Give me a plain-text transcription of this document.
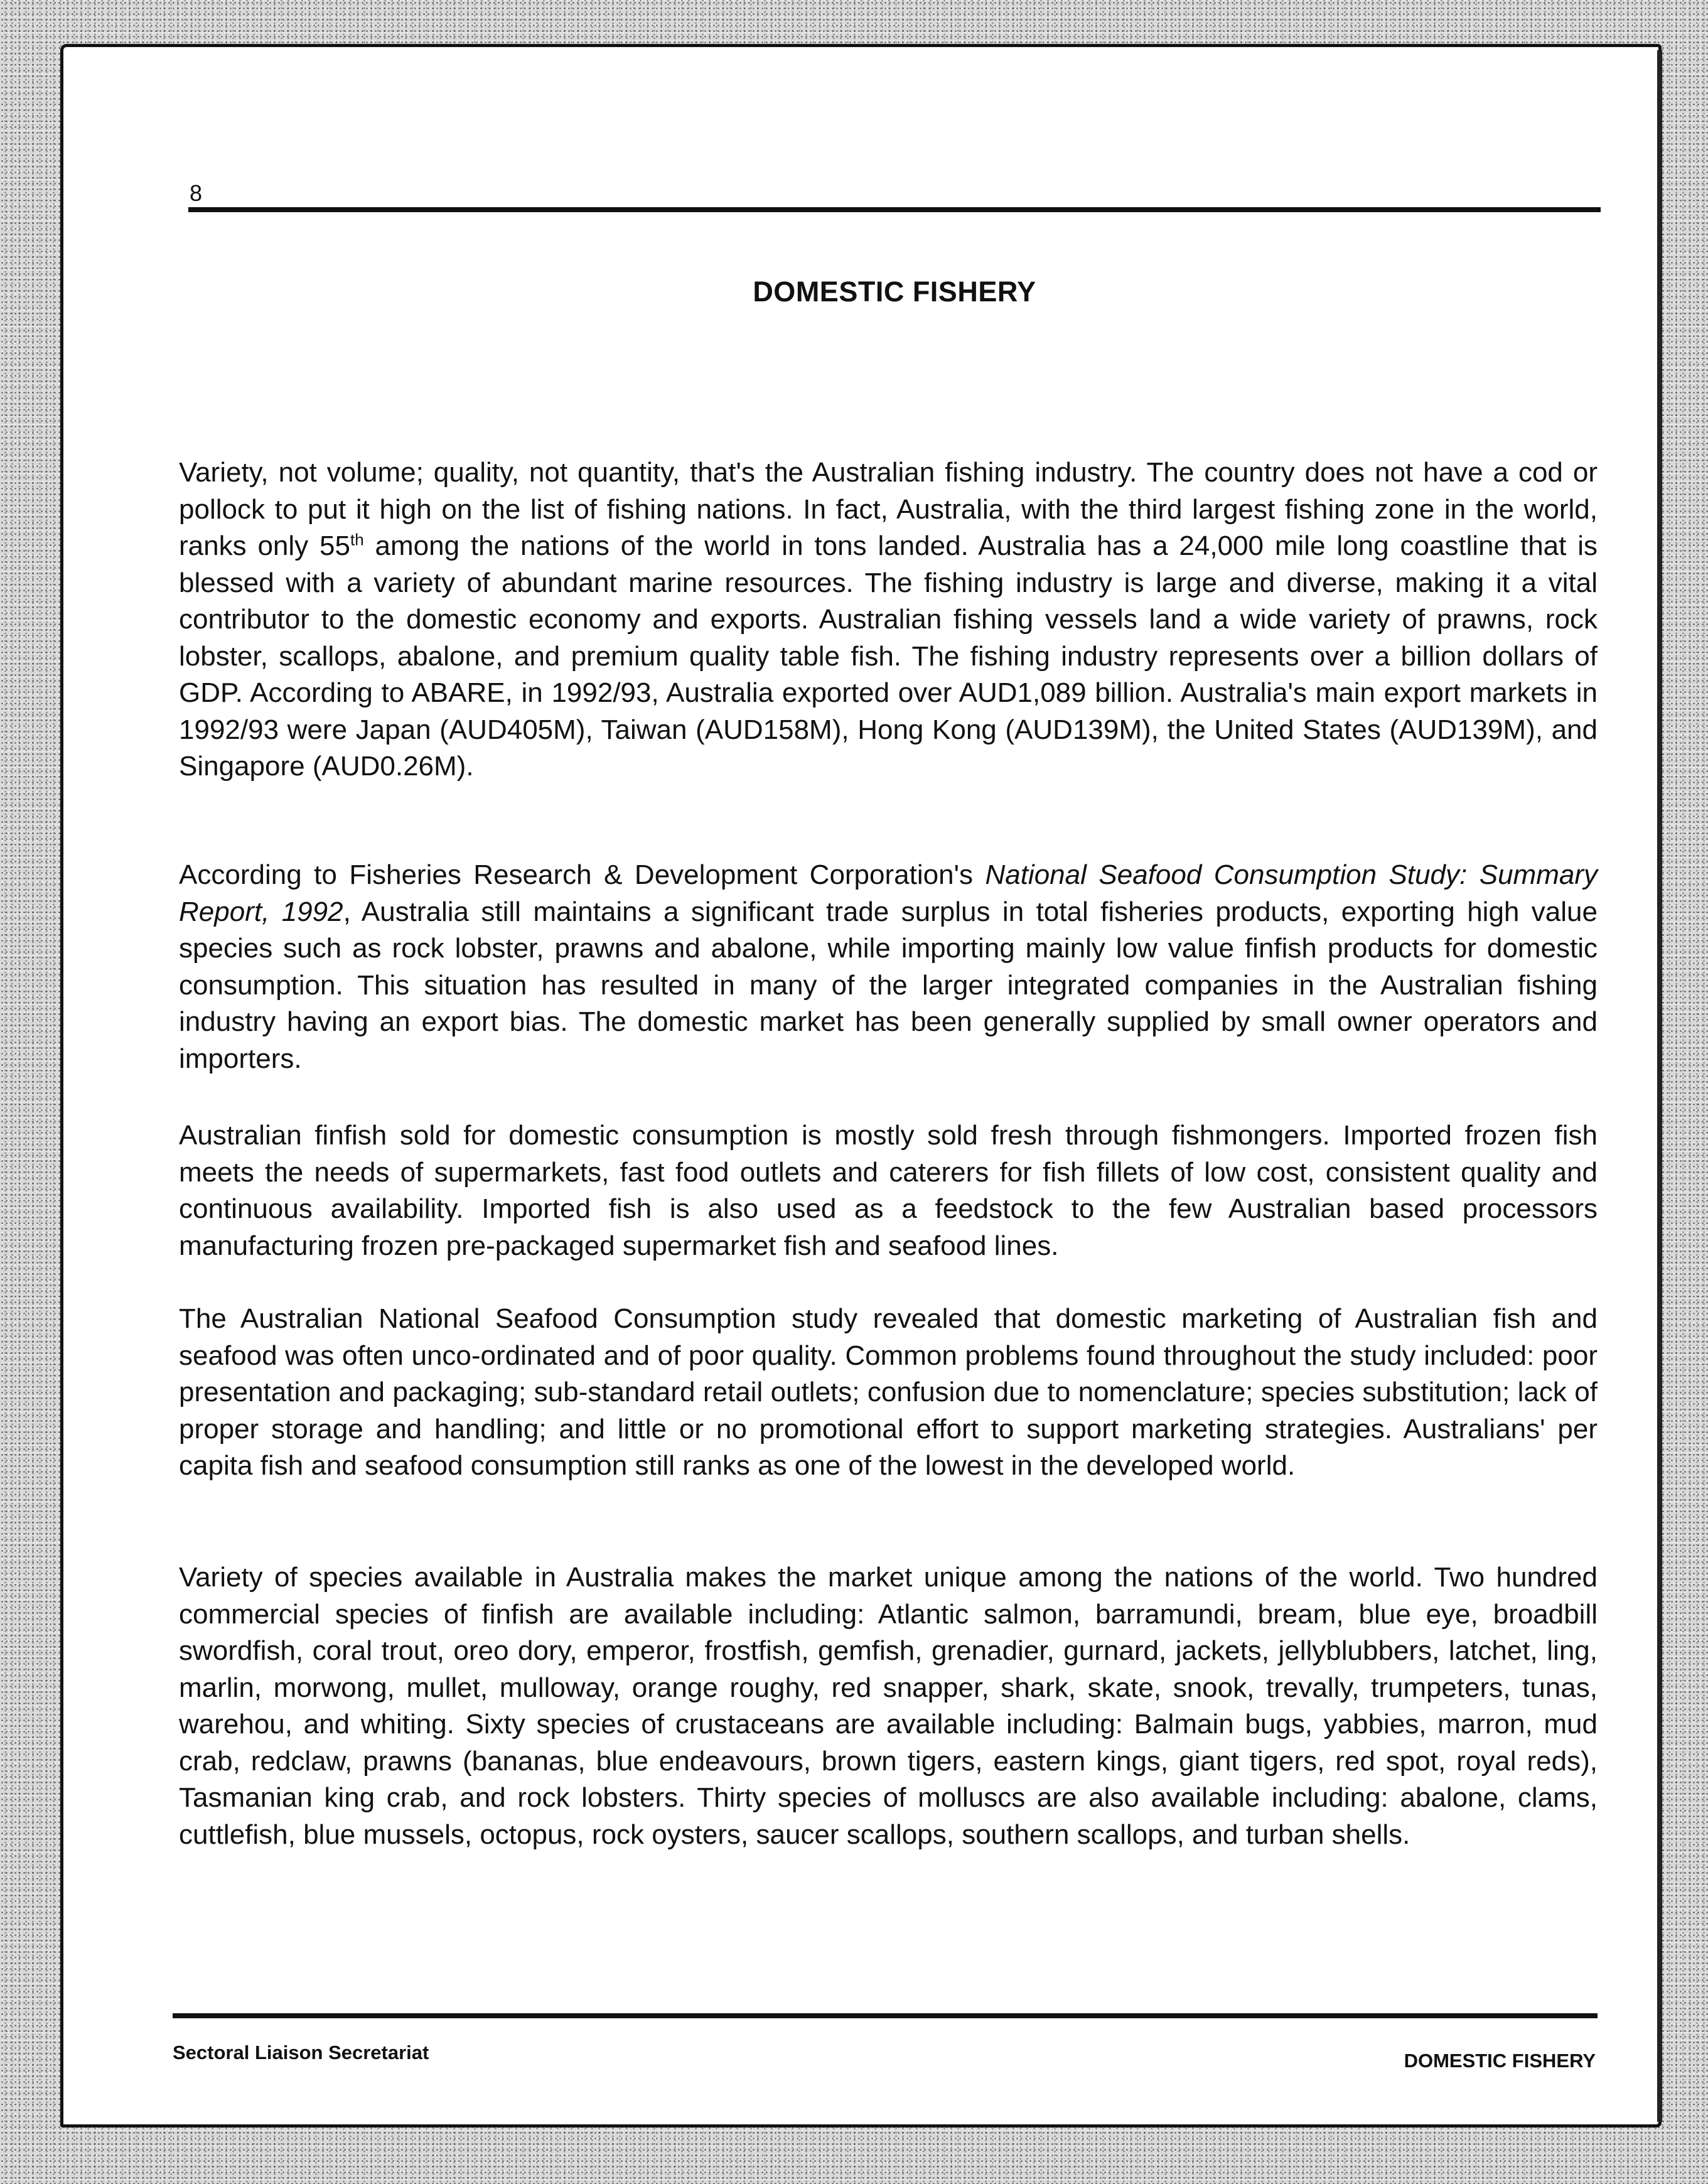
8
DOMESTIC FISHERY

Variety, not volume; quality, not quantity, that's the Australian fishing industry. The country does not have a cod or pollock to put it high on the list of fishing nations. In fact, Australia, with the third largest fishing zone in the world, ranks only 55th among the nations of the world in tons landed. Australia has a 24,000 mile long coastline that is blessed with a variety of abundant marine resources. The fishing industry is large and diverse, making it a vital contributor to the domestic economy and exports. Australian fishing vessels land a wide variety of prawns, rock lobster, scallops, abalone, and premium quality table fish. The fishing industry represents over a billion dollars of GDP. According to ABARE, in 1992/93, Australia exported over AUD1,089 billion. Australia's main export markets in 1992/93 were Japan (AUD405M), Taiwan (AUD158M), Hong Kong (AUD139M), the United States (AUD139M), and Singapore (AUD0.26M).

According to Fisheries Research & Development Corporation's National Seafood Consumption Study: Summary Report, 1992, Australia still maintains a significant trade surplus in total fisheries products, exporting high value species such as rock lobster, prawns and abalone, while importing mainly low value finfish products for domestic consumption. This situation has resulted in many of the larger integrated companies in the Australian fishing industry having an export bias. The domestic market has been generally supplied by small owner operators and importers.

Australian finfish sold for domestic consumption is mostly sold fresh through fishmongers. Imported frozen fish meets the needs of supermarkets, fast food outlets and caterers for fish fillets of low cost, consistent quality and continuous availability. Imported fish is also used as a feedstock to the few Australian based processors manufacturing frozen pre-packaged supermarket fish and seafood lines.

The Australian National Seafood Consumption study revealed that domestic marketing of Australian fish and seafood was often unco-ordinated and of poor quality. Common problems found throughout the study included: poor presentation and packaging; sub-standard retail outlets; confusion due to nomenclature; species substitution; lack of proper storage and handling; and little or no promotional effort to support marketing strategies. Australians' per capita fish and seafood consumption still ranks as one of the lowest in the developed world.

Variety of species available in Australia makes the market unique among the nations of the world. Two hundred commercial species of finfish are available including: Atlantic salmon, barramundi, bream, blue eye, broadbill swordfish, coral trout, oreo dory, emperor, frostfish, gemfish, grenadier, gurnard, jackets, jellyblubbers, latchet, ling, marlin, morwong, mullet, mulloway, orange roughy, red snapper, shark, skate, snook, trevally, trumpeters, tunas, warehou, and whiting. Sixty species of crustaceans are available including: Balmain bugs, yabbies, marron, mud crab, redclaw, prawns (bananas, blue endeavours, brown tigers, eastern kings, giant tigers, red spot, royal reds), Tasmanian king crab, and rock lobsters. Thirty species of molluscs are also available including: abalone, clams, cuttlefish, blue mussels, octopus, rock oysters, saucer scallops, southern scallops, and turban shells.

Sectoral Liaison Secretariat	DOMESTIC FISHERY
